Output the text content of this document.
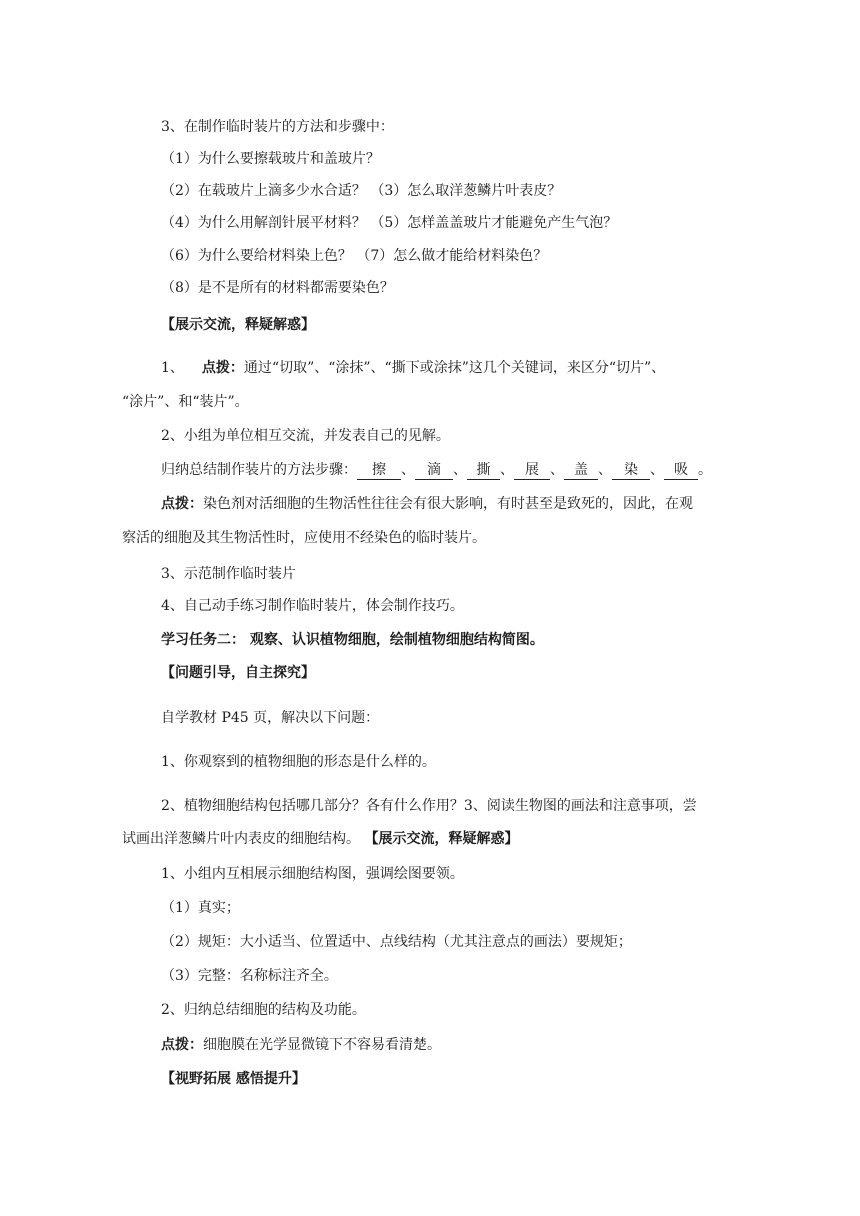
3、在制作临时装片的方法和步骤中：
（1）为什么要擦载玻片和盖玻片？
（2）在载玻片上滴多少水合适？ （3）怎么取洋葱鳞片叶表皮？
（4）为什么用解剖针展平材料？ （5）怎样盖盖玻片才能避免产生气泡？
（6）为什么要给材料染上色？ （7）怎么做才能给材料染色？
（8）是不是所有的材料都需要染色？
【展示交流，释疑解惑】
1、 点拨：通过“切取”、“涂抹”、“撕下或涂抹”这几个关键词，来区分“切片”、
“涂片”、和“装片”。
2、小组为单位相互交流，并发表自己的见解。
归纳总结制作装片的方法步骤： 擦 、 滴 、 撕 、 展 、 盖 、 染 、 吸 。
点拨：染色剂对活细胞的生物活性往往会有很大影响，有时甚至是致死的，因此，在观
察活的细胞及其生物活性时，应使用不经染色的临时装片。
3、示范制作临时装片
4、自己动手练习制作临时装片，体会制作技巧。
学习任务二： 观察、认识植物细胞，绘制植物细胞结构简图。
【问题引导，自主探究】
自学教材 P45 页，解决以下问题：
1、你观察到的植物细胞的形态是什么样的。
2、植物细胞结构包括哪几部分？各有什么作用？3、阅读生物图的画法和注意事项，尝
试画出洋葱鳞片叶内表皮的细胞结构。 【展示交流，释疑解惑】
1、小组内互相展示细胞结构图，强调绘图要领。
（1）真实；
（2）规矩：大小适当、位置适中、点线结构（尤其注意点的画法）要规矩；
（3）完整：名称标注齐全。
2、归纳总结细胞的结构及功能。
点拨：细胞膜在光学显微镜下不容易看清楚。
【视野拓展 感悟提升】
